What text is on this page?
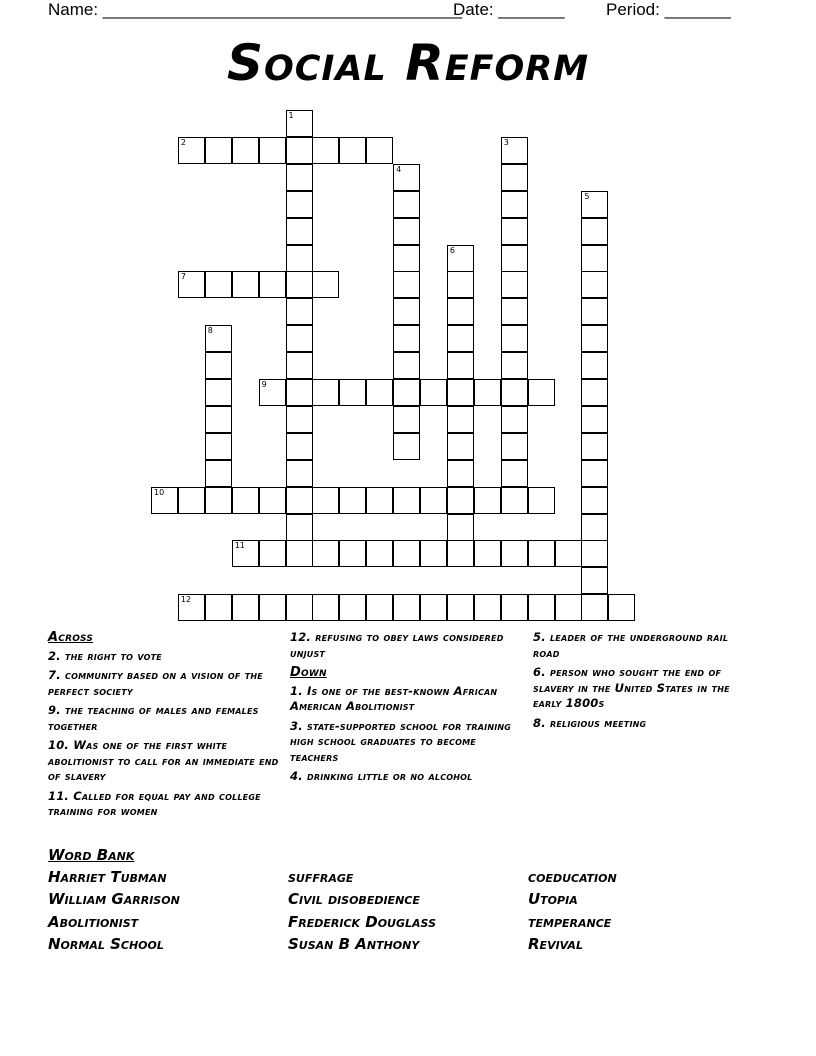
Name: ______________________________________
Date: _______ Period: _______
Social Reform
1
2	3
4
5
6
7
8
9
10
11
12
Across
2. the right to vote
7. community based on a vision of the perfect society
9. the teaching of males and females together
10. Was one of the first white abolitionist to call for an immediate end of slavery
11. Called for equal pay and college training for women
12. refusing to obey laws considered unjust
Down
1. Is one of the best-known African American Abolitionist
3. state-supported school for training high school graduates to become teachers
4. drinking little or no alcohol
5. leader of the underground rail road
6. person who sought the end of slavery in the United States in the early 1800s
8. religious meeting
Word Bank
Harriet Tubman
William Garrison
Abolitionist
Normal School
suffrage
Civil disobedience
Frederick Douglass
Susan B Anthony
coeducation
Utopia
temperance
Revival
